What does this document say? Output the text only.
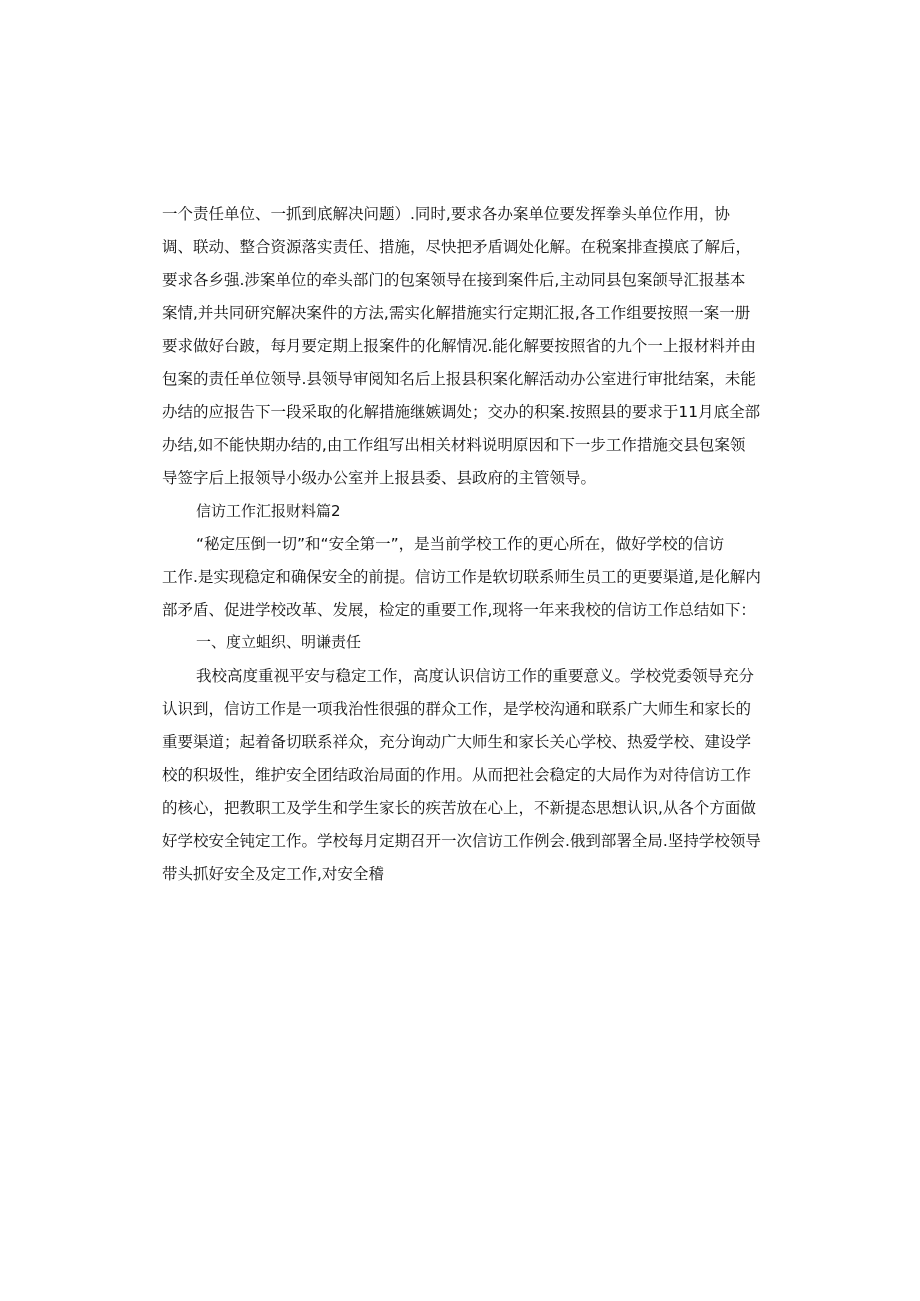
一个责任单位、一抓到底解决问题）.同时,要求各办案单位要发挥拳头单位作用，协
调、联动、整合资源落实责任、措施，尽快把矛盾调处化解。在税案排查摸底了解后，
要求各乡强.涉案单位的牵头部门的包案领导在接到案件后,主动同县包案颌导汇报基本
案情,并共同研究解决案件的方法,需实化解措施实行定期汇报,各工作组要按照一案一册
要求做好台跛，每月要定期上报案件的化解情况.能化解要按照省的九个一上报材料并由
包案的责任单位领导.县领导审阅知名后上报县积案化解活动办公室进行审批结案，未能
办结的应报告下一段采取的化解措施继嫉调处；交办的积案.按照县的要求于11月底全部
办结,如不能快期办结的,由工作组写出相关材料说明原因和下一步工作措施交县包案领
导签字后上报领导小级办公室并上报县委、县政府的主管领导。
信访工作汇报财料篇2
“秘定压倒一切”和“安全第一”，是当前学校工作的更心所在，做好学校的信访
工作.是实现稳定和确保安全的前提。信访工作是软切联系师生员工的更要渠道,是化解内
部矛盾、促进学校改革、发展，检定的重要工作,现将一年来我校的信访工作总结如下：
一、度立蛆织、明谦责任
我校高度重视平安与稳定工作，高度认识信访工作的重要意义。学校党委领导充分
认识到，信访工作是一项我治性很强的群众工作，是学校沟通和联系广大师生和家长的
重要渠道；起着备切联系祥众，充分询动广大师生和家长关心学校、热爱学校、建设学
校的积圾性，维护安全团结政治局面的作用。从而把社会稳定的大局作为对待信访工作
的核心，把教职工及学生和学生家长的疾苦放在心上，不新提态思想认识,从各个方面做
好学校安全钝定工作。学校每月定期召开一次信访工作例会.俄到部署全局.坚持学校领导
带头抓好安全及定工作,对安全稽
